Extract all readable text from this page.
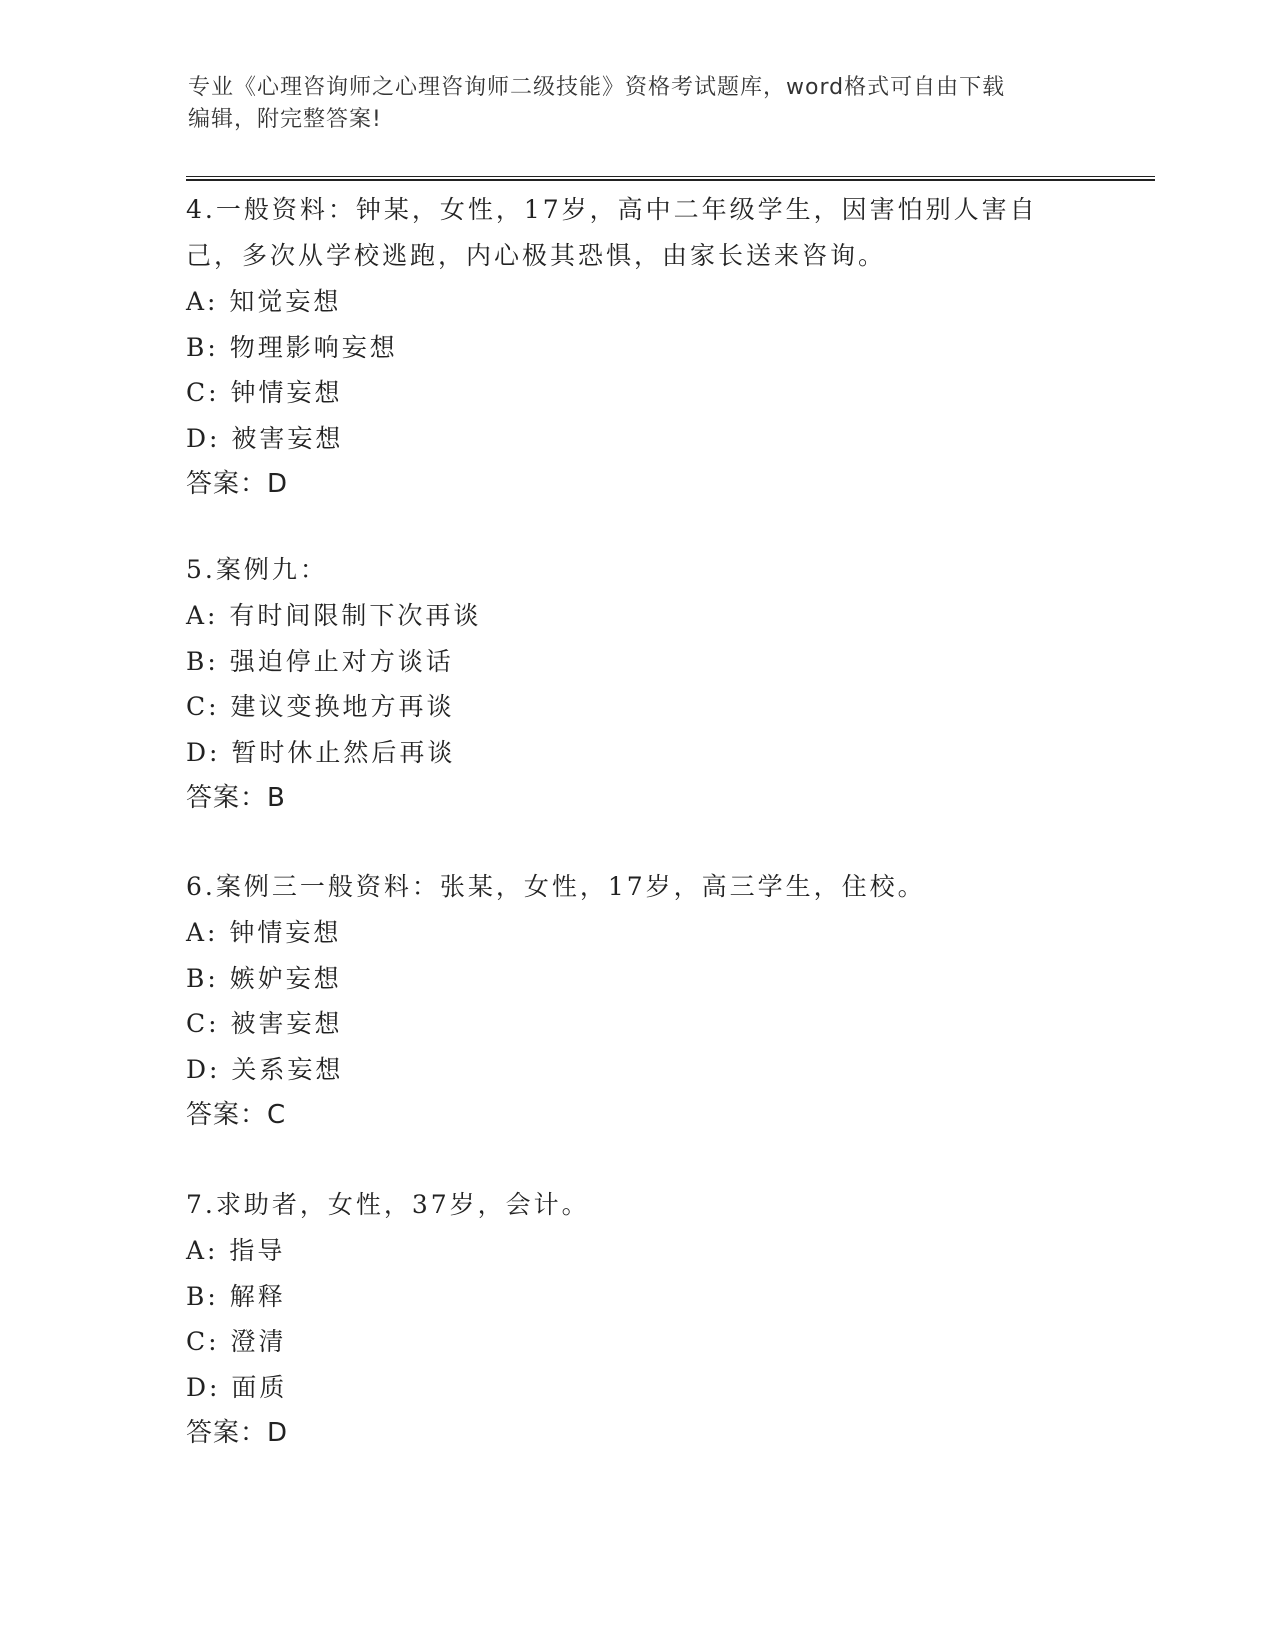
专业《心理咨询师之心理咨询师二级技能》资格考试题库，word格式可自由下载
编辑，附完整答案!

4.一般资料：钟某，女性，17岁，高中二年级学生，因害怕别人害自

己，多次从学校逃跑，内心极其恐惧，由家长送来咨询。

A: 知觉妄想

B: 物理影响妄想

C: 钟情妄想

D: 被害妄想

答案：D

5.案例九：

A: 有时间限制下次再谈

B: 强迫停止对方谈话

C: 建议变换地方再谈

D: 暂时休止然后再谈

答案：B

6.案例三一般资料：张某，女性，17岁，高三学生，住校。

A: 钟情妄想

B: 嫉妒妄想

C: 被害妄想

D: 关系妄想

答案：C

7.求助者，女性，37岁，会计。

A: 指导

B: 解释

C: 澄清

D: 面质

答案：D
